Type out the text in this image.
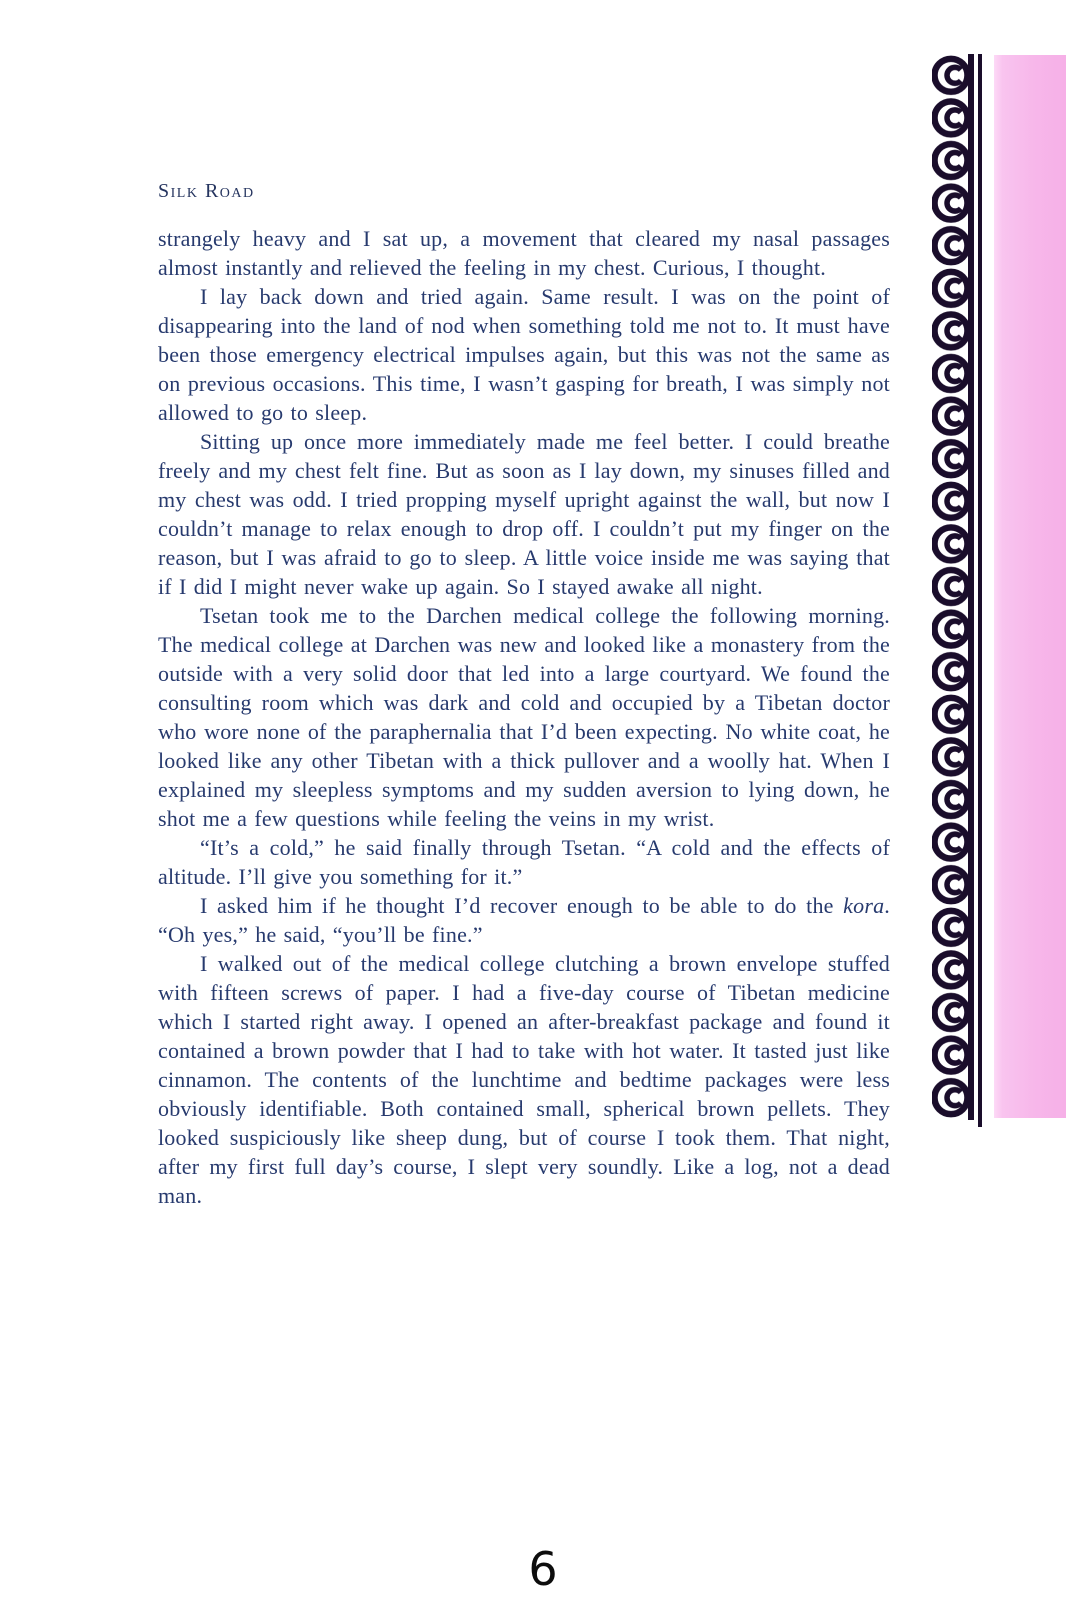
Silk Road

strangely heavy and I sat up, a movement that cleared my nasal passages almost instantly and relieved the feeling in my chest. Curious, I thought.

I lay back down and tried again. Same result. I was on the point of disappearing into the land of nod when something told me not to. It must have been those emergency electrical impulses again, but this was not the same as on previous occasions. This time, I wasn’t gasping for breath, I was simply not allowed to go to sleep.

Sitting up once more immediately made me feel better. I could breathe freely and my chest felt fine. But as soon as I lay down, my sinuses filled and my chest was odd. I tried propping myself upright against the wall, but now I couldn’t manage to relax enough to drop off. I couldn’t put my finger on the reason, but I was afraid to go to sleep. A little voice inside me was saying that if I did I might never wake up again. So I stayed awake all night.

Tsetan took me to the Darchen medical college the following morning. The medical college at Darchen was new and looked like a monastery from the outside with a very solid door that led into a large courtyard. We found the consulting room which was dark and cold and occupied by a Tibetan doctor who wore none of the paraphernalia that I’d been expecting. No white coat, he looked like any other Tibetan with a thick pullover and a woolly hat. When I explained my sleepless symptoms and my sudden aversion to lying down, he shot me a few questions while feeling the veins in my wrist.

“It’s a cold,” he said finally through Tsetan. “A cold and the effects of altitude. I’ll give you something for it.”

I asked him if he thought I’d recover enough to be able to do the kora. “Oh yes,” he said, “you’ll be fine.”

I walked out of the medical college clutching a brown envelope stuffed with fifteen screws of paper. I had a five-day course of Tibetan medicine which I started right away. I opened an after-breakfast package and found it contained a brown powder that I had to take with hot water. It tasted just like cinnamon. The contents of the lunchtime and bedtime packages were less obviously identifiable. Both contained small, spherical brown pellets. They looked suspiciously like sheep dung, but of course I took them. That night, after my first full day’s course, I slept very soundly. Like a log, not a dead man.

6
